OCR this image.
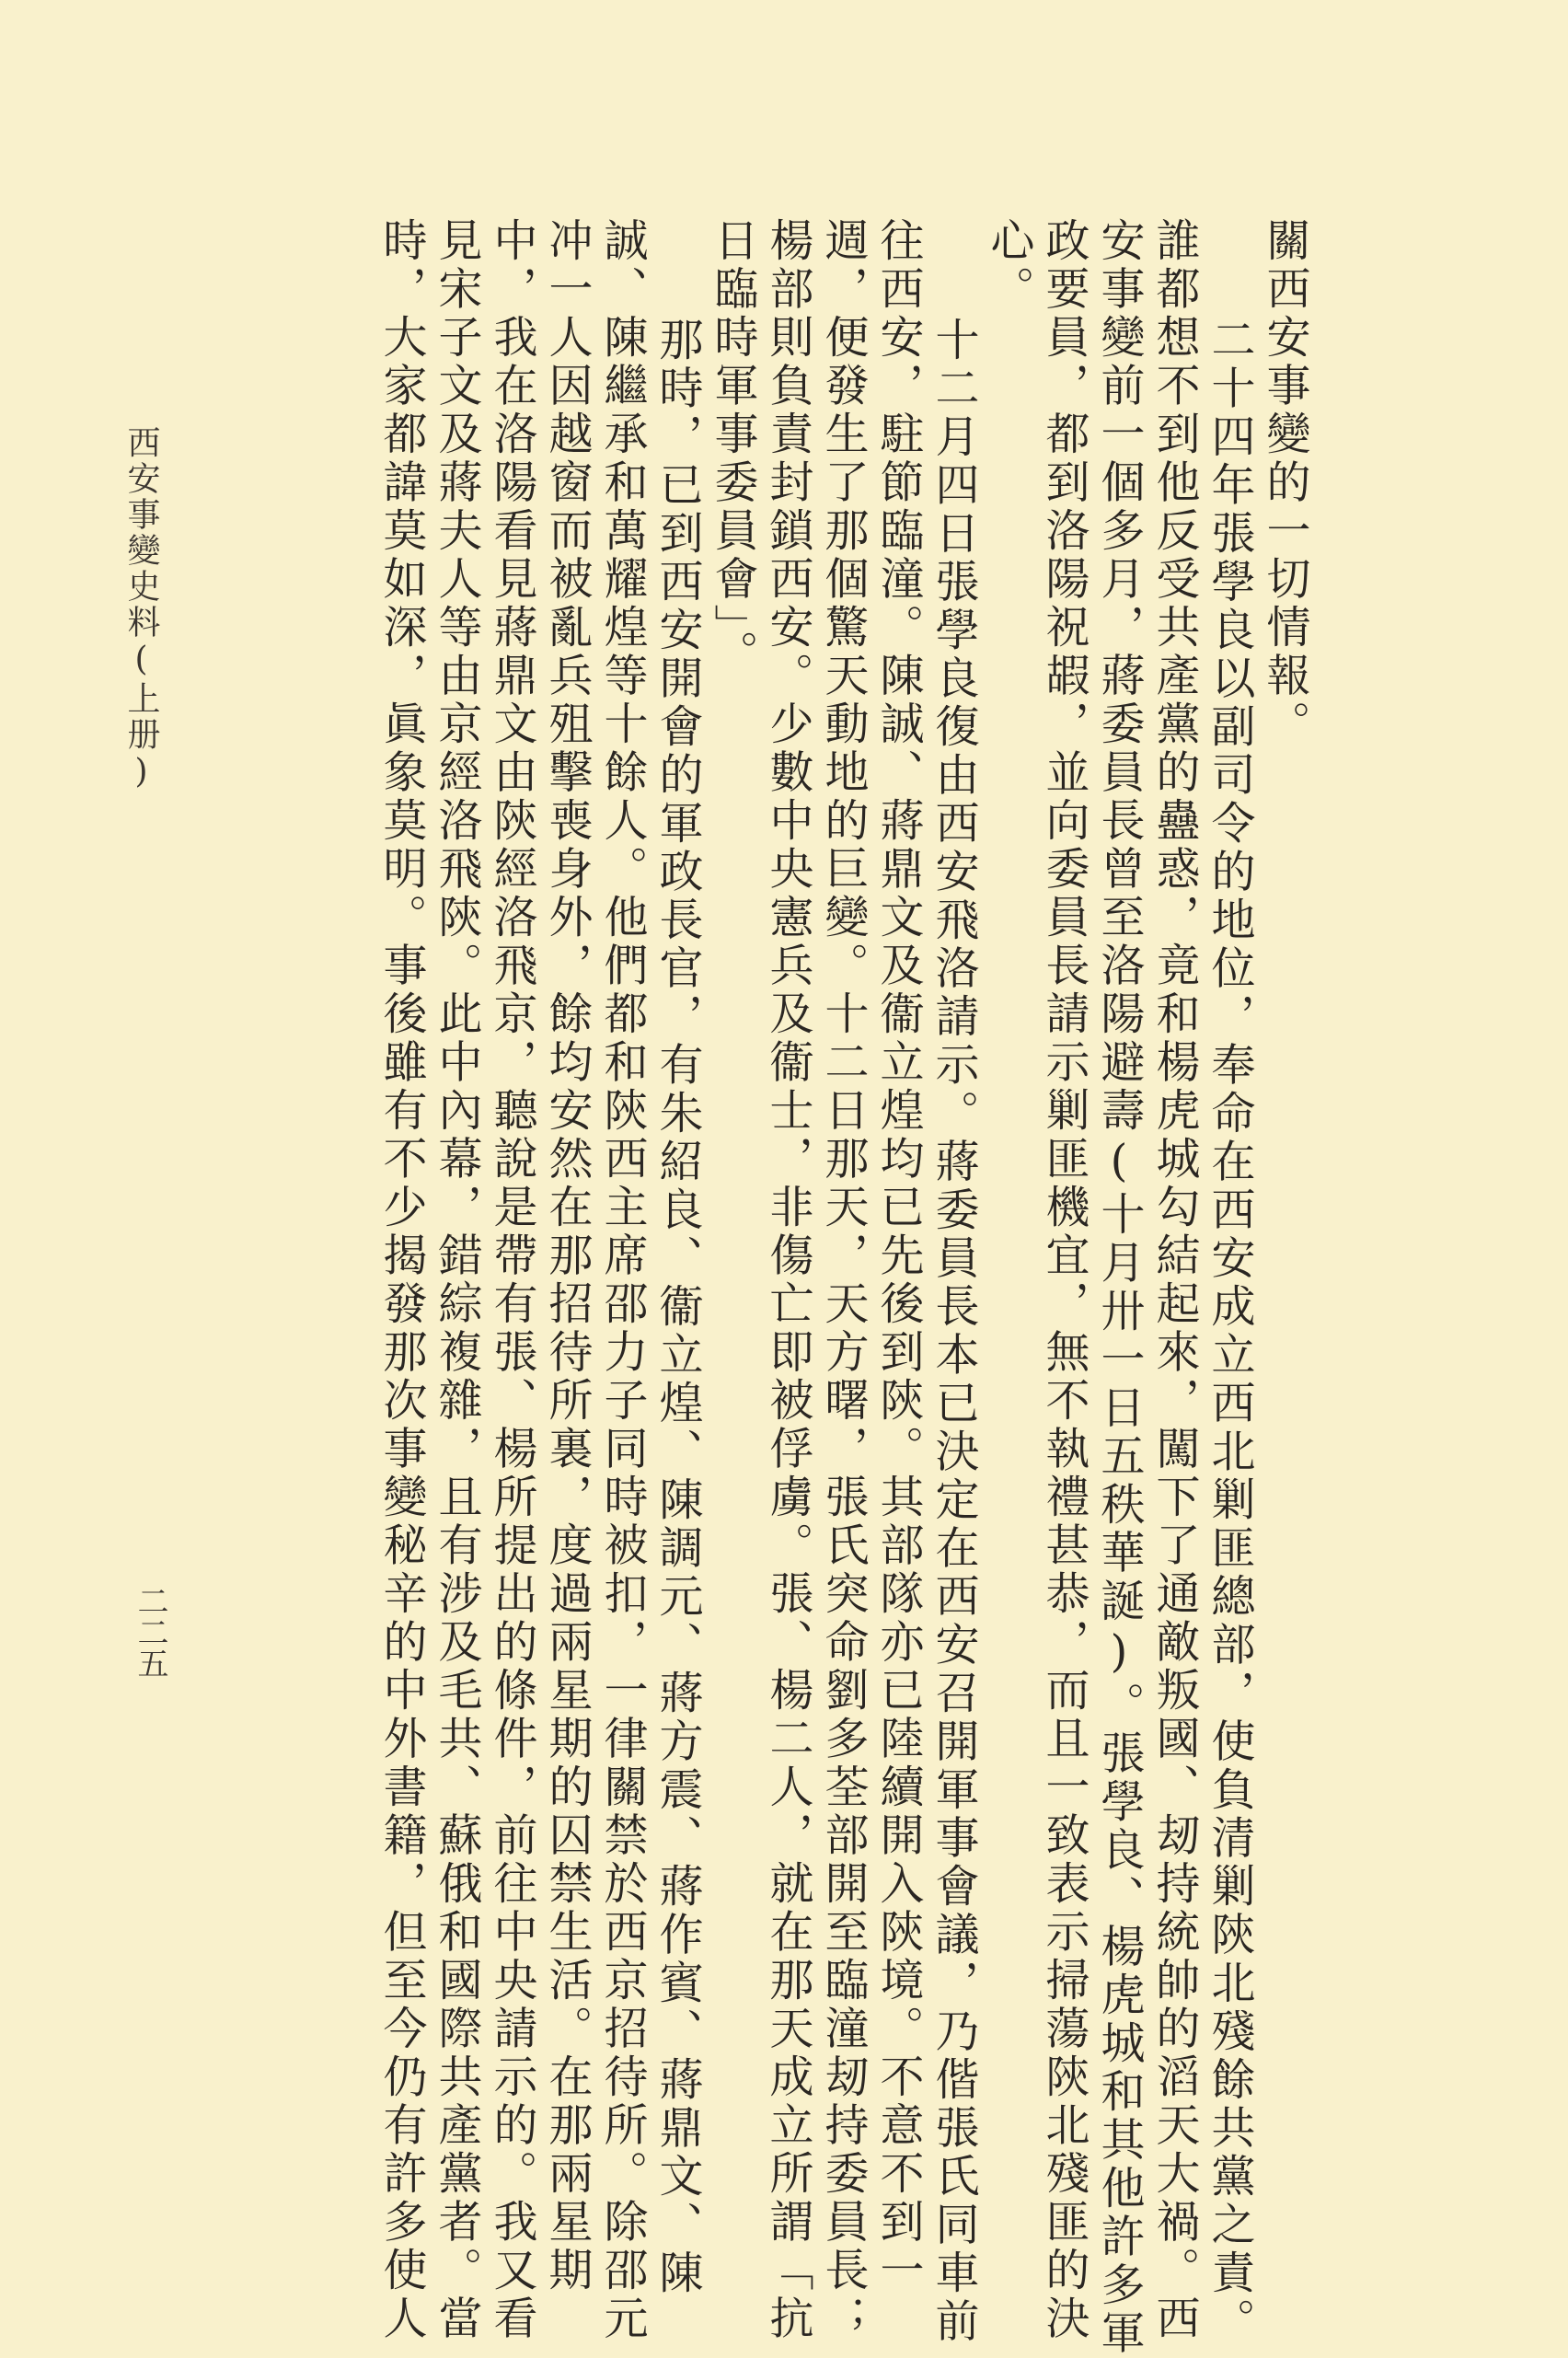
關西安事變的一切情報。
二十四年張學良以副司令的地位，奉命在西安成立西北剿匪總部，使負清剿陝北殘餘共黨之責。
誰都想不到他反受共產黨的蠱惑，竟和楊虎城勾結起來，闖下了通敵叛國、刼持統帥的滔天大禍。西
安事變前一個多月，蔣委員長曾至洛陽避壽(十月卅一日五秩華誕)。張學良、楊虎城和其他許多軍
政要員，都到洛陽祝嘏，並向委員長請示剿匪機宜，無不執禮甚恭，而且一致表示掃蕩陝北殘匪的決
心。
十二月四日張學良復由西安飛洛請示。蔣委員長本已決定在西安召開軍事會議，乃偕張氏同車前
往西安，駐節臨潼。陳誠、蔣鼎文及衞立煌均已先後到陝。其部隊亦已陸續開入陝境。不意不到一
週，便發生了那個驚天動地的巨變。十二日那天，天方曙，張氏突命劉多荃部開至臨潼刼持委員長；
楊部則負責封鎖西安。少數中央憲兵及衞士，非傷亡即被俘虜。張、楊二人，就在那天成立所謂「抗
日臨時軍事委員會」。
那時，已到西安開會的軍政長官，有朱紹良、衞立煌、陳調元、蔣方震、蔣作賓、蔣鼎文、陳
誠、陳繼承和萬耀煌等十餘人。他們都和陝西主席邵力子同時被扣，一律關禁於西京招待所。除邵元
冲一人因越窗而被亂兵殂擊喪身外，餘均安然在那招待所裏，度過兩星期的囚禁生活。在那兩星期
中，我在洛陽看見蔣鼎文由陝經洛飛京，聽說是帶有張、楊所提出的條件，前往中央請示的。我又看
見宋子文及蔣夫人等由京經洛飛陝。此中內幕，錯綜複雜，且有涉及毛共、蘇俄和國際共產黨者。當
時，大家都諱莫如深，眞象莫明。事後雖有不少揭發那次事變秘辛的中外書籍，但至今仍有許多使人
西安事變史料(上册)
二二五
